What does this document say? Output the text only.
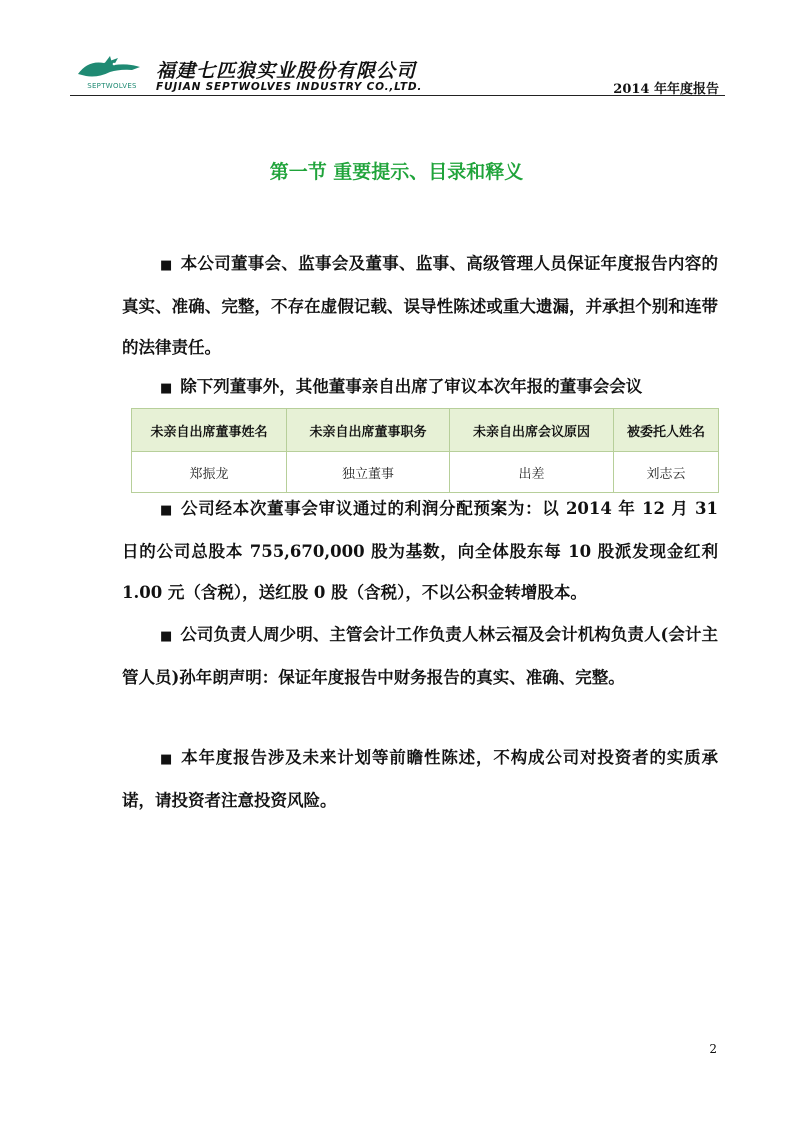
SEPTWOLVES
福建七匹狼实业股份有限公司
FUJIAN SEPTWOLVES INDUSTRY CO.,LTD.	2014 年年度报告
第一节 重要提示、目录和释义
■ 本公司董事会、监事会及董事、监事、高级管理人员保证年度报告内容的真实、准确、完整，不存在虚假记载、误导性陈述或重大遗漏，并承担个别和连带的法律责任。
■ 除下列董事外，其他董事亲自出席了审议本次年报的董事会会议
未亲自出席董事姓名	未亲自出席董事职务	未亲自出席会议原因	被委托人姓名
郑振龙	独立董事	出差	刘志云
■ 公司经本次董事会审议通过的利润分配预案为：以 2014 年 12 月 31 日的公司总股本 755,670,000 股为基数，向全体股东每 10 股派发现金红利 1.00 元（含税），送红股 0 股（含税），不以公积金转增股本。
■ 公司负责人周少明、主管会计工作负责人林云福及会计机构负责人(会计主管人员)孙年朗声明：保证年度报告中财务报告的真实、准确、完整。
■ 本年度报告涉及未来计划等前瞻性陈述，不构成公司对投资者的实质承诺，请投资者注意投资风险。
2
